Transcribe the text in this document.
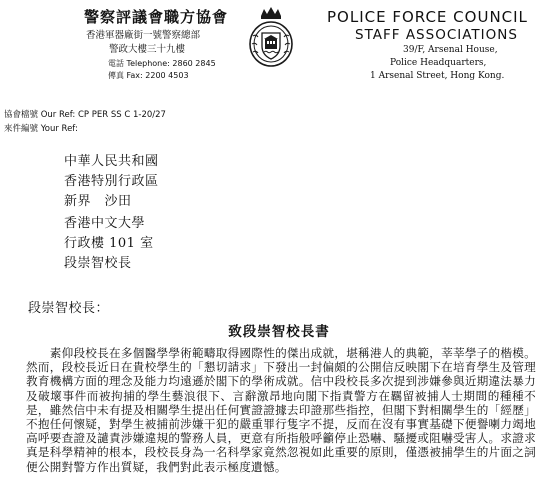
警察評議會職方協會
香港軍器廠街一號警察總部
警政大樓三十九樓
電話 Telephone: 2860 2845
傳真 Fax: 2200 4503
POLICE FORCE COUNCIL
STAFF ASSOCIATIONS
39/F, Arsenal House,
Police Headquarters,
1 Arsenal Street, Hong Kong.
協會檔號 Our Ref: CP PER SS C 1-20/27
來件編號 Your Ref:
中華人民共和國
香港特別行政區
新界　沙田
香港中文大學
行政樓 101 室
段崇智校長
段崇智校長：
致段崇智校長書
　　素仰段校長在多個醫學學術範疇取得國際性的傑出成就，堪稱港人的典範，莘莘學子的楷模。然而，段校長近日在貴校學生的「懇切請求」下發出一封偏頗的公開信反映閣下在培育學生及管理教育機構方面的理念及能力均遠遜於閣下的學術成就。信中段校長多次提到涉嫌參與近期違法暴力及破壞事件而被拘捕的學生藝浪很下、言辭激昂地向閣下指責警方在羈留被捕人士期間的種種不是，雖然信中未有提及相關學生提出任何實證證據去印證那些指控，但閣下對相關學生的「經歷」不抱任何懷疑，對學生被捕前涉嫌干犯的嚴重罪行隻字不提，反而在沒有事實基礎下便譽喇力竭地高呼要查證及譴責涉嫌違規的警務人員，更意有所指般呼籲停止恐嚇、騷擾或阻嚇受害人。求證求真是科學精神的根本，段校長身為一名科學家竟然忽視如此重要的原則，僅憑被捕學生的片面之詞便公開對警方作出質疑，我們對此表示極度遺憾。
